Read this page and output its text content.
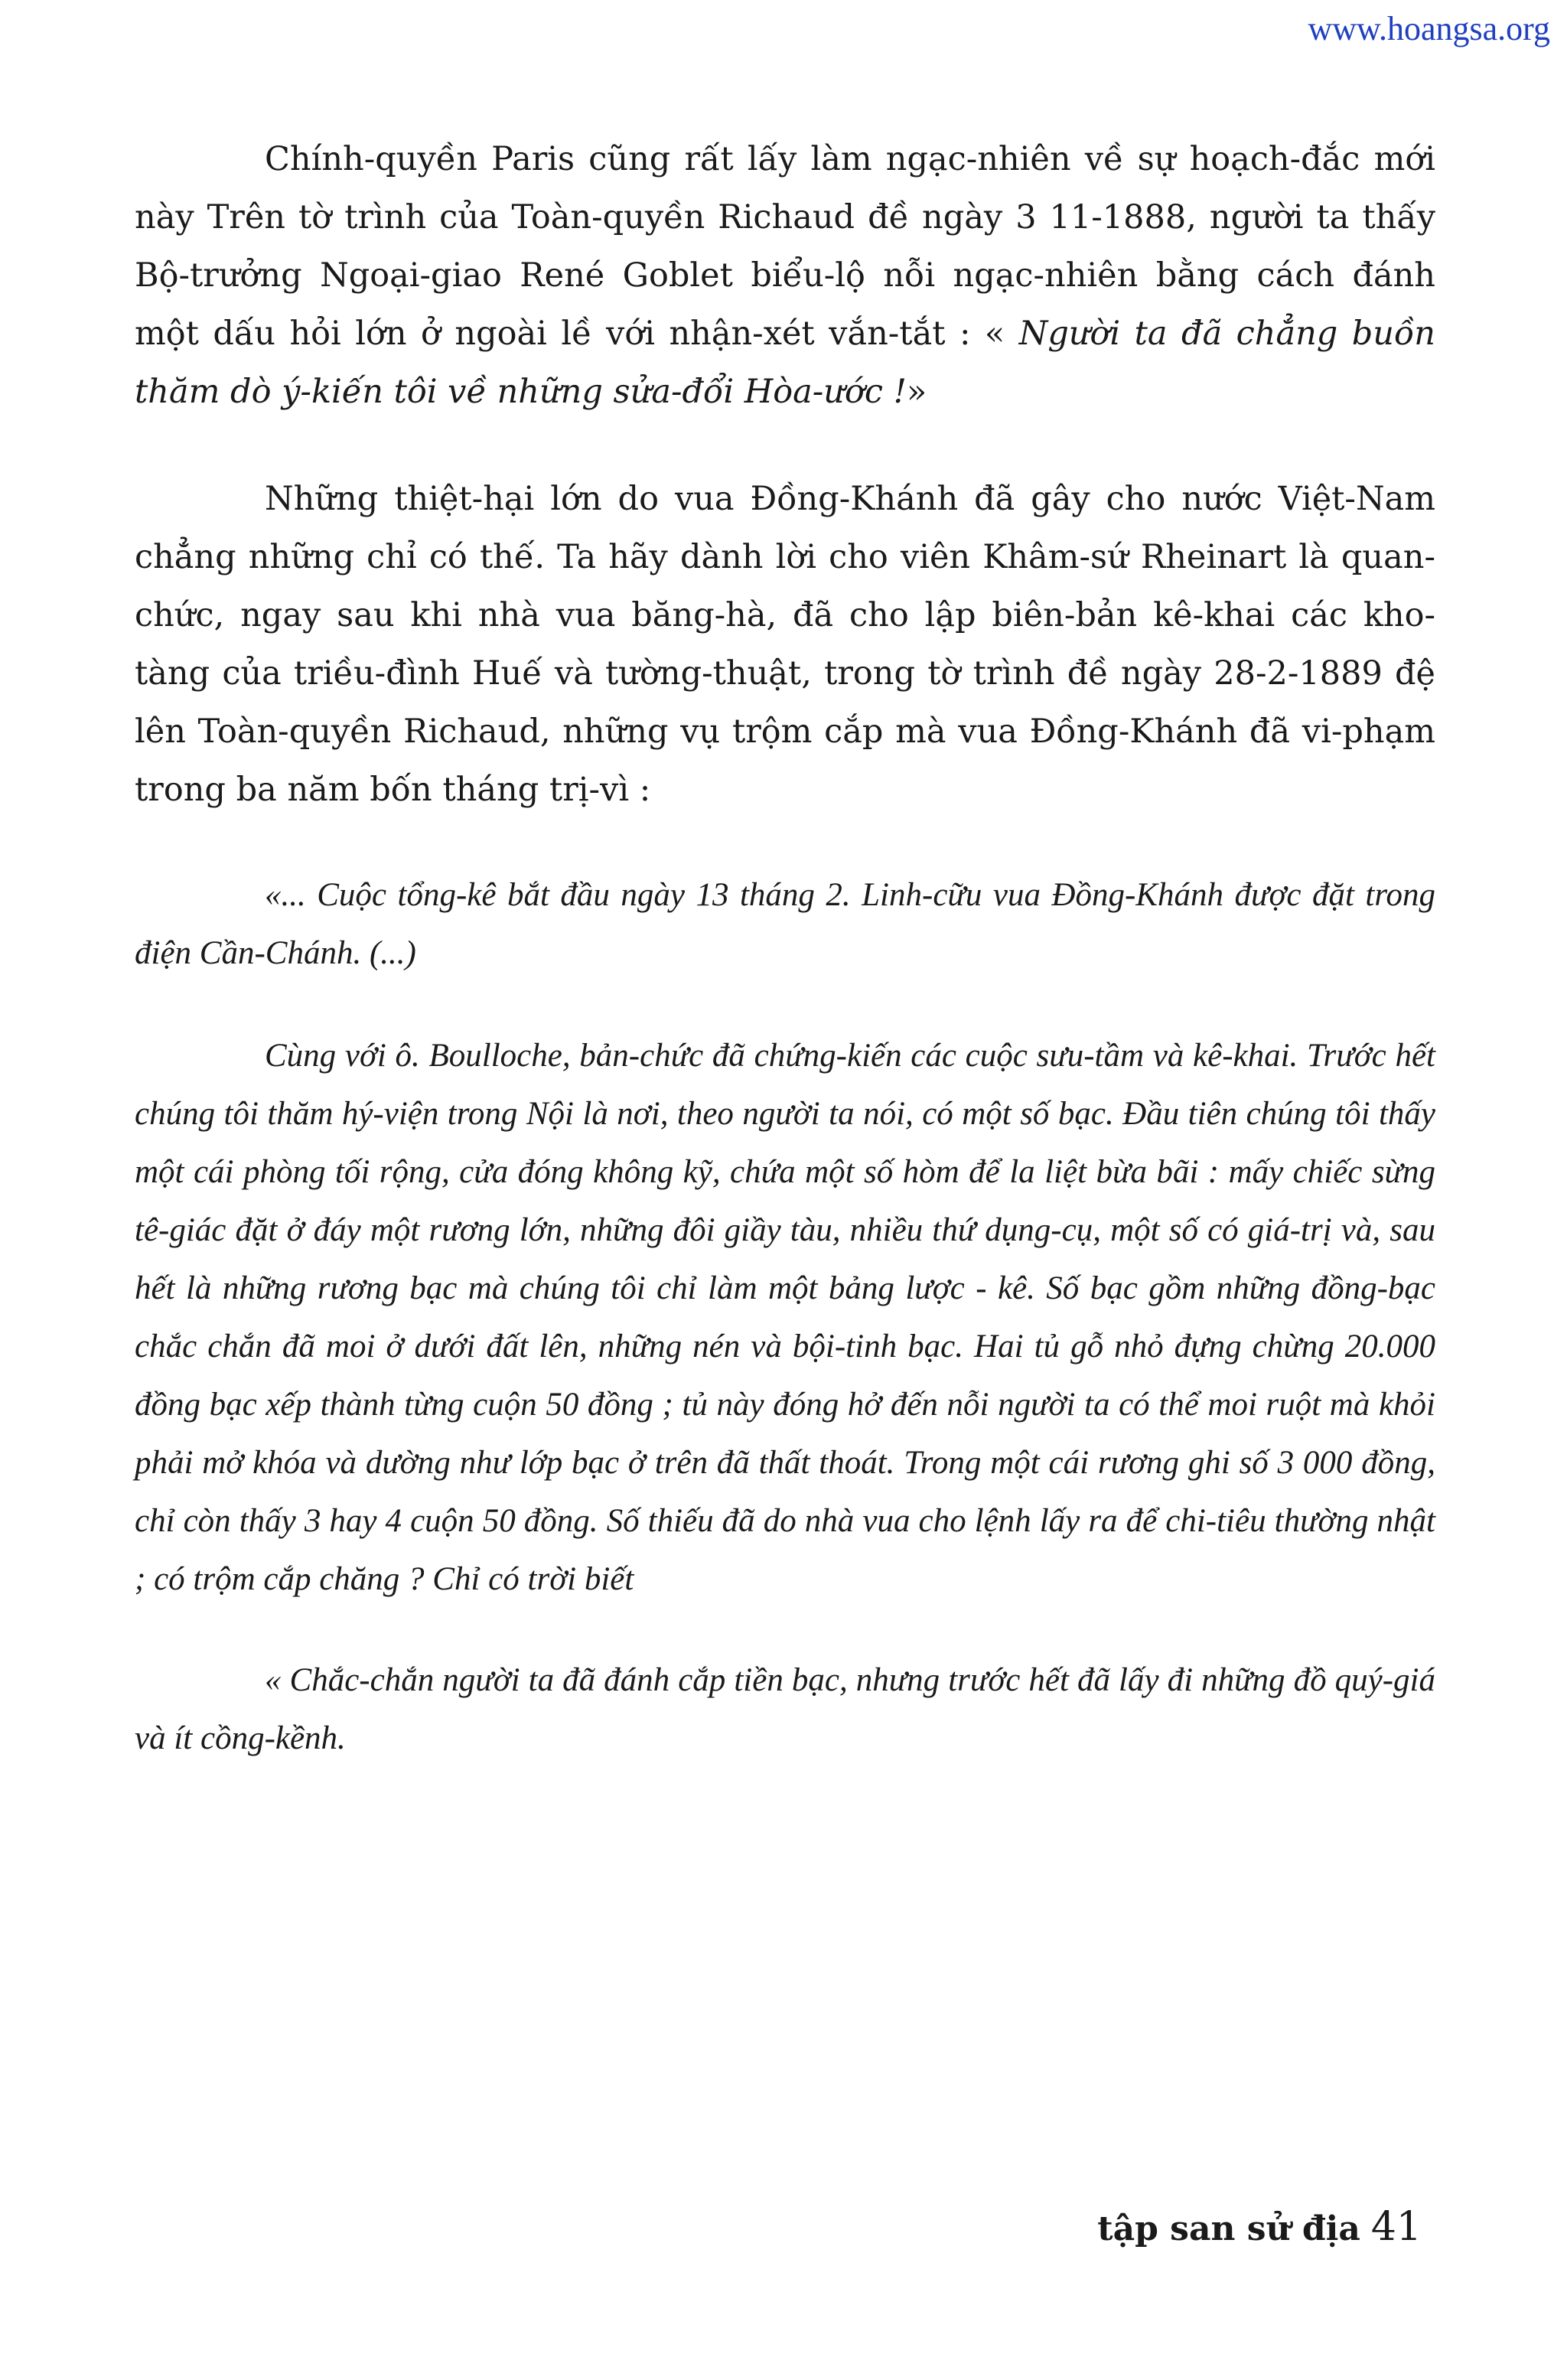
www.hoangsa.org

Chính-quyền Paris cũng rất lấy làm ngạc-nhiên về sự hoạch-đắc mới này Trên tờ trình của Toàn-quyền Richaud đề ngày 3 11-1888, người ta thấy Bộ-trưởng Ngoại-giao René Goblet biểu-lộ nỗi ngạc-nhiên bằng cách đánh một dấu hỏi lớn ở ngoài lề với nhận-xét vắn-tắt : « Người ta đã chẳng buồn thăm dò ý-kiến tôi về những sửa-đổi Hòa-ước !»

Những thiệt-hại lớn do vua Đồng-Khánh đã gây cho nước Việt-Nam chẳng những chỉ có thế. Ta hãy dành lời cho viên Khâm-sứ Rheinart là quan-chức, ngay sau khi nhà vua băng-hà, đã cho lập biên-bản kê-khai các kho-tàng của triều-đình Huế và tường-thuật, trong tờ trình đề ngày 28-2-1889 đệ lên Toàn-quyền Richaud, những vụ trộm cắp mà vua Đồng-Khánh đã vi-phạm trong ba năm bốn tháng trị-vì :

«... Cuộc tổng-kê bắt đầu ngày 13 tháng 2. Linh-cữu vua Đồng-Khánh được đặt trong điện Cần-Chánh. (...)

Cùng với ô. Boulloche, bản-chức đã chứng-kiến các cuộc sưu-tầm và kê-khai. Trước hết chúng tôi thăm hý-viện trong Nội là nơi, theo người ta nói, có một số bạc. Đầu tiên chúng tôi thấy một cái phòng tối rộng, cửa đóng không kỹ, chứa một số hòm để la liệt bừa bãi : mấy chiếc sừng tê-giác đặt ở đáy một rương lớn, những đôi giầy tàu, nhiều thứ dụng-cụ, một số có giá-trị và, sau hết là những rương bạc mà chúng tôi chỉ làm một bảng lược - kê. Số bạc gồm những đồng-bạc chắc chắn đã moi ở dưới đất lên, những nén và bội-tinh bạc. Hai tủ gỗ nhỏ đựng chừng 20.000 đồng bạc xếp thành từng cuộn 50 đồng ; tủ này đóng hở đến nỗi người ta có thể moi ruột mà khỏi phải mở khóa và dường như lớp bạc ở trên đã thất thoát. Trong một cái rương ghi số 3 000 đồng, chỉ còn thấy 3 hay 4 cuộn 50 đồng. Số thiếu đã do nhà vua cho lệnh lấy ra để chi-tiêu thường nhật ; có trộm cắp chăng ? Chỉ có trời biết

« Chắc-chắn người ta đã đánh cắp tiền bạc, nhưng trước hết đã lấy đi những đồ quý-giá và ít cồng-kềnh.

tập san sử địa 41
